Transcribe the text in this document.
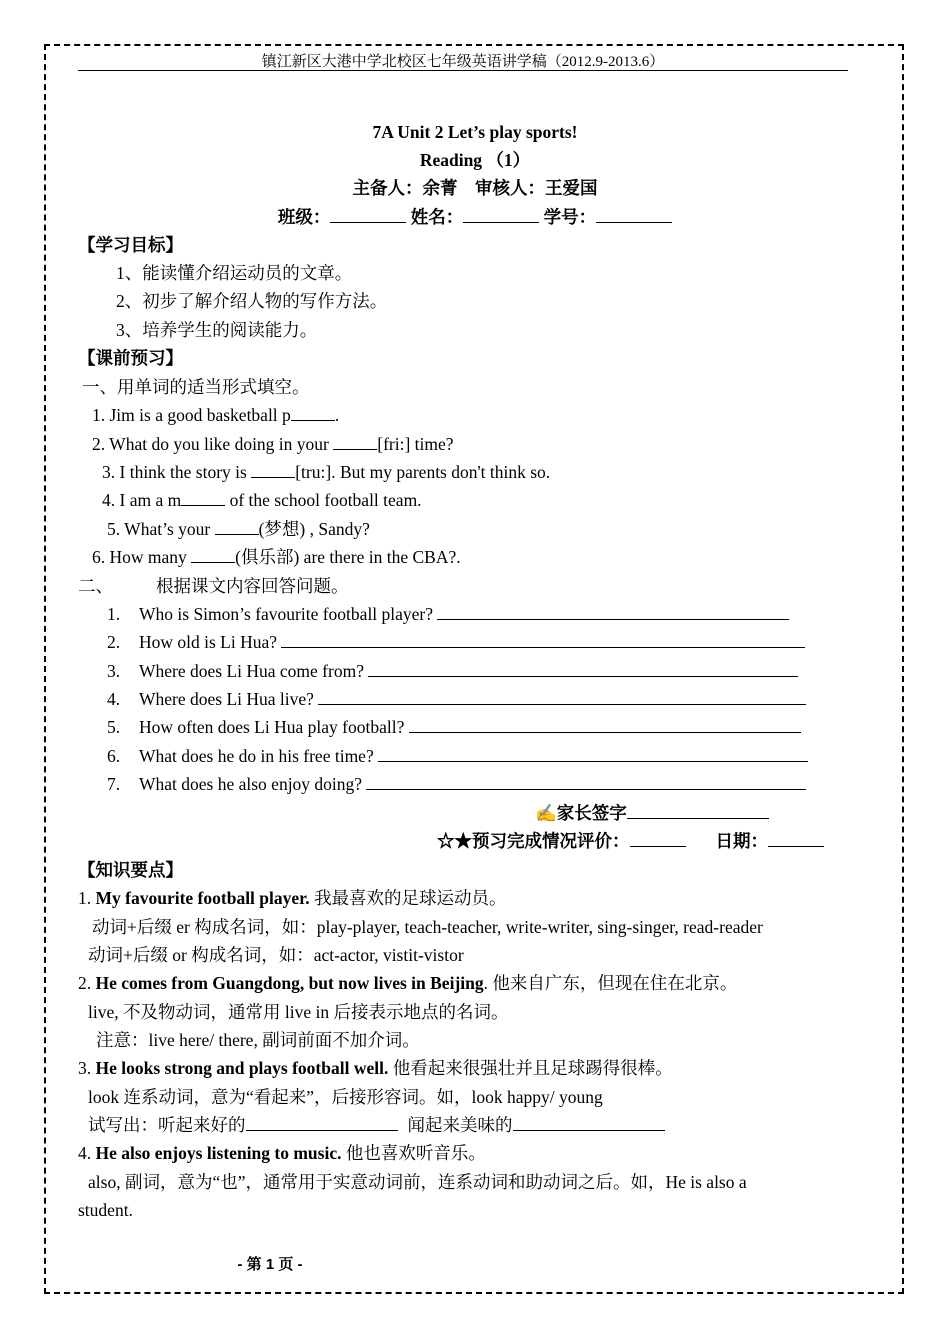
镇江新区大港中学北校区七年级英语讲学稿（2012.9-2013.6）
7A Unit 2 Let’s play sports!
Reading （1）
主备人：余菁　审核人：王爱国
班级：	姓名：	学号：
【学习目标】
1、能读懂介绍运动员的文章。
2、初步了解介绍人物的写作方法。
3、培养学生的阅读能力。
【课前预习】
一、用单词的适当形式填空。
1. Jim is a good basketball p	.
2. What do you like doing in your	[fri:] time?
3. I think the story is	[tru:]. But my parents don't think so.
4. I am a m	of the school football team.
5. What’s your	(梦想) , Sandy?
6. How many	(俱乐部) are there in the CBA?.
二、 根据课文内容回答问题。
1. Who is Simon’s favourite football player?
2. How old is Li Hua?
3. Where does Li Hua come from?
4. Where does Li Hua live?
5. How often does Li Hua play football?
6. What does he do in his free time?
7. What does he also enjoy doing?
✍家长签字
☆★预习完成情况评价：	日期：
【知识要点】
1. My favourite football player. 我最喜欢的足球运动员。
动词+后缀 er 构成名词，如：play-player, teach-teacher, write-writer, sing-singer, read-reader
动词+后缀 or 构成名词，如：act-actor, vistit-vistor
2. He comes from Guangdong, but now lives in Beijing. 他来自广东，但现在住在北京。
live, 不及物动词，通常用 live in 后接表示地点的名词。
注意：live here/ there, 副词前面不加介词。
3. He looks strong and plays football well. 他看起来很强壮并且足球踢得很棒。
look 连系动词，意为“看起来”，后接形容词。如，look happy/ young
试写出：听起来好的	闻起来美味的
4. He also enjoys listening to music. 他也喜欢听音乐。
also, 副词，意为“也”，通常用于实意动词前，连系动词和助动词之后。如，He is also a
student.
- 第 1 页 -
